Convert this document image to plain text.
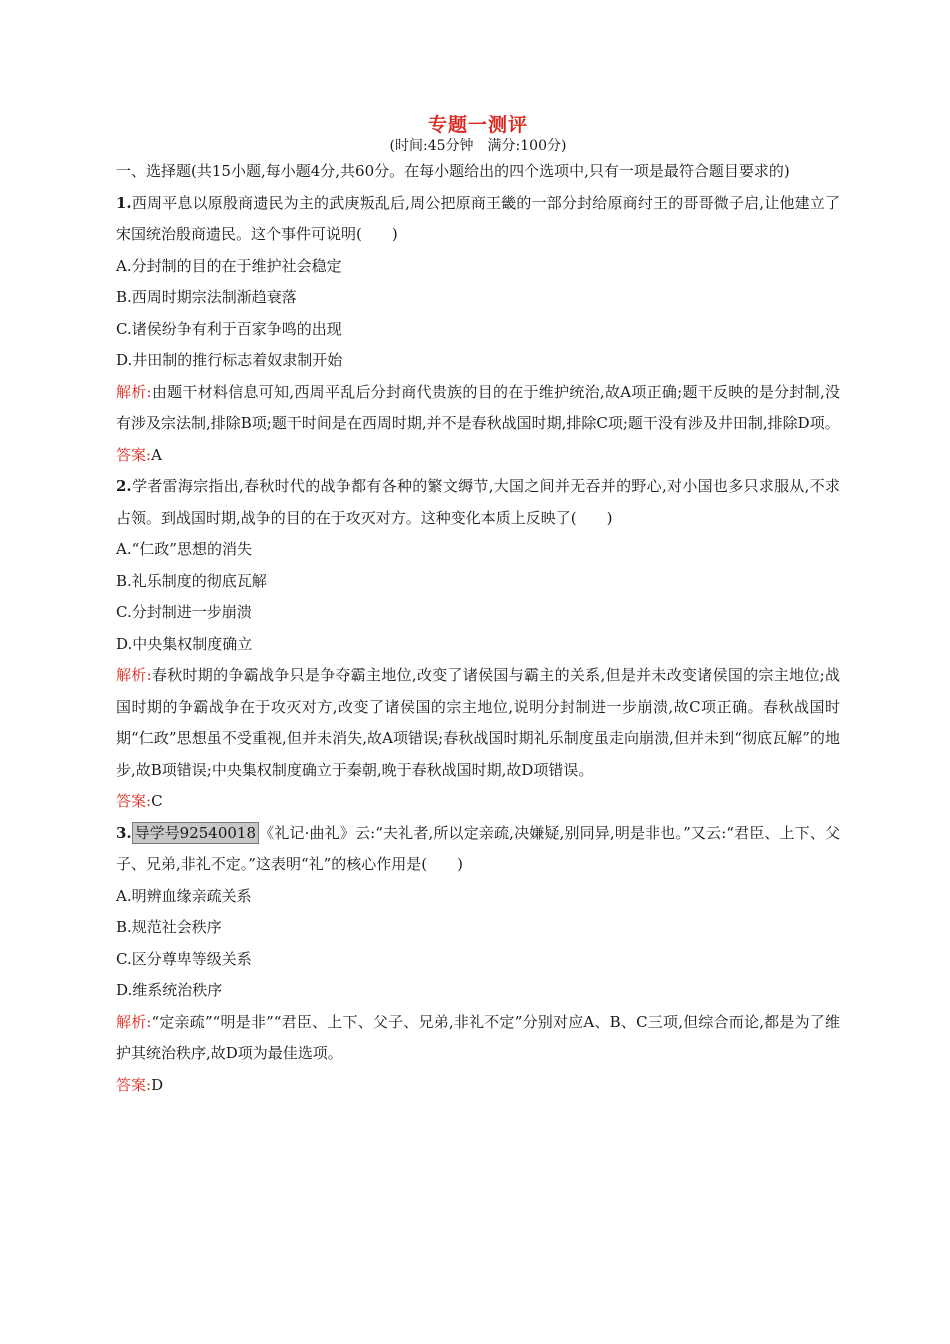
专题一测评

(时间:45分钟　满分:100分)

一、选择题(共15小题,每小题4分,共60分。在每小题给出的四个选项中,只有一项是最符合题目要求的)

1.西周平息以原殷商遗民为主的武庚叛乱后,周公把原商王畿的一部分封给原商纣王的哥哥微子启,让他建立了宋国统治殷商遗民。这个事件可说明(　　)

A.分封制的目的在于维护社会稳定

B.西周时期宗法制渐趋衰落

C.诸侯纷争有利于百家争鸣的出现

D.井田制的推行标志着奴隶制开始

解析:由题干材料信息可知,西周平乱后分封商代贵族的目的在于维护统治,故A项正确;题干反映的是分封制,没有涉及宗法制,排除B项;题干时间是在西周时期,并不是春秋战国时期,排除C项;题干没有涉及井田制,排除D项。

答案:A

2.学者雷海宗指出,春秋时代的战争都有各种的繁文缛节,大国之间并无吞并的野心,对小国也多只求服从,不求占领。到战国时期,战争的目的在于攻灭对方。这种变化本质上反映了(　　)

A.“仁政”思想的消失

B.礼乐制度的彻底瓦解

C.分封制进一步崩溃

D.中央集权制度确立

解析:春秋时期的争霸战争只是争夺霸主地位,改变了诸侯国与霸主的关系,但是并未改变诸侯国的宗主地位;战国时期的争霸战争在于攻灭对方,改变了诸侯国的宗主地位,说明分封制进一步崩溃,故C项正确。春秋战国时期“仁政”思想虽不受重视,但并未消失,故A项错误;春秋战国时期礼乐制度虽走向崩溃,但并未到“彻底瓦解”的地步,故B项错误;中央集权制度确立于秦朝,晚于春秋战国时期,故D项错误。

答案:C

3. 导学号92540018 《礼记·曲礼》云:“夫礼者,所以定亲疏,决嫌疑,别同异,明是非也。”又云:“君臣、上下、父子、兄弟,非礼不定。”这表明“礼”的核心作用是(　　)

A.明辨血缘亲疏关系

B.规范社会秩序

C.区分尊卑等级关系

D.维系统治秩序

解析:“定亲疏”“明是非”“君臣、上下、父子、兄弟,非礼不定”分别对应A、B、C三项,但综合而论,都是为了维护其统治秩序,故D项为最佳选项。

答案:D
